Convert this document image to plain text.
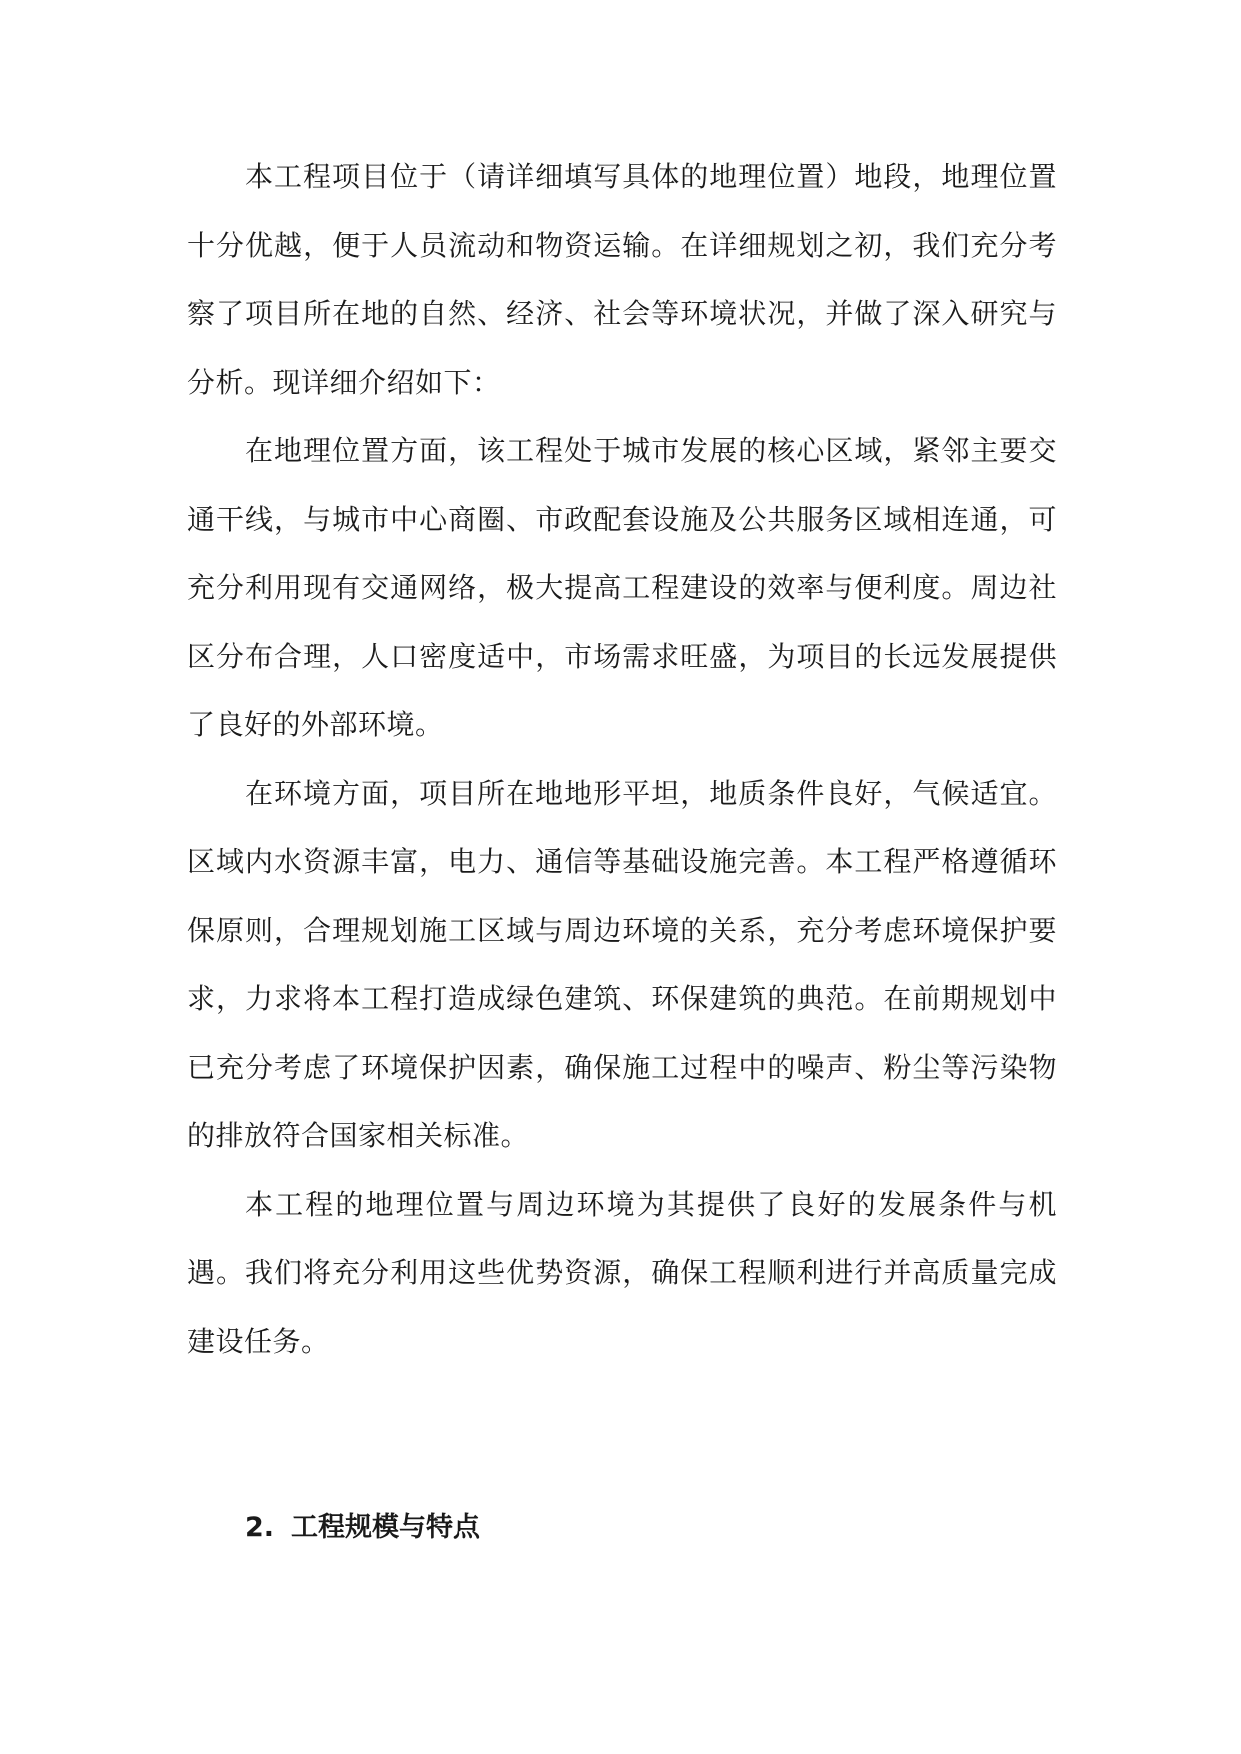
本工程项目位于（请详细填写具体的地理位置）地段，地理位置十分优越，便于人员流动和物资运输。在详细规划之初，我们充分考察了项目所在地的自然、经济、社会等环境状况，并做了深入研究与分析。现详细介绍如下：

在地理位置方面，该工程处于城市发展的核心区域，紧邻主要交通干线，与城市中心商圈、市政配套设施及公共服务区域相连通，可充分利用现有交通网络，极大提高工程建设的效率与便利度。周边社区分布合理，人口密度适中，市场需求旺盛，为项目的长远发展提供了良好的外部环境。

在环境方面，项目所在地地形平坦，地质条件良好，气候适宜。区域内水资源丰富，电力、通信等基础设施完善。本工程严格遵循环保原则，合理规划施工区域与周边环境的关系，充分考虑环境保护要求，力求将本工程打造成绿色建筑、环保建筑的典范。在前期规划中已充分考虑了环境保护因素，确保施工过程中的噪声、粉尘等污染物的排放符合国家相关标准。

本工程的地理位置与周边环境为其提供了良好的发展条件与机遇。我们将充分利用这些优势资源，确保工程顺利进行并高质量完成建设任务。

2. 工程规模与特点
